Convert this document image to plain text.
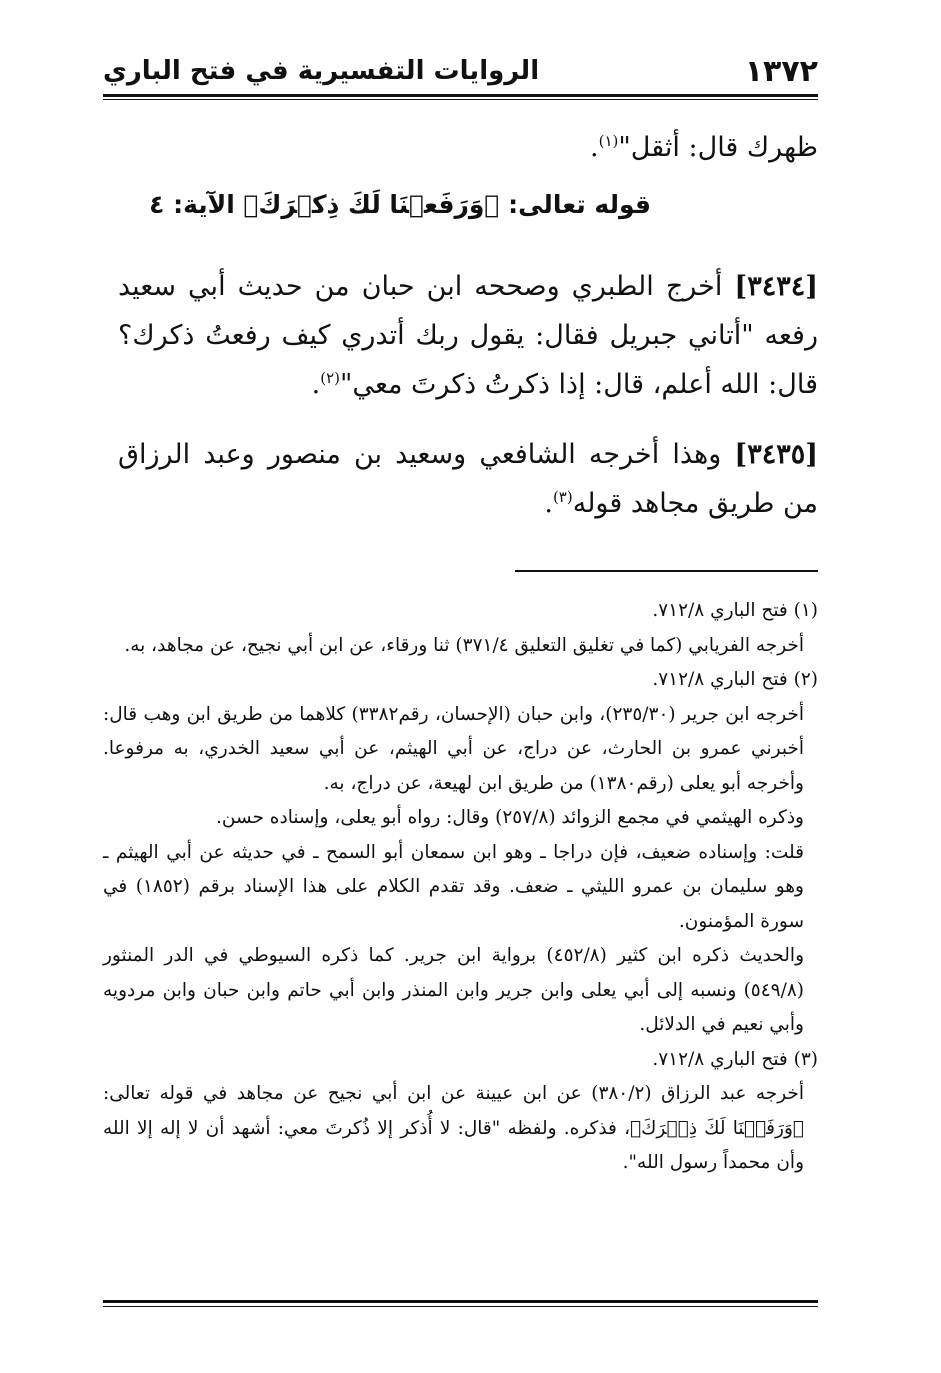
١٣٧٢
الروايات التفسيرية في فتح الباري

ظهرك قال: أثقل"$^{(١)}$.

قوله تعالى: ﴿وَرَفَعۡنَا لَكَ ذِكۡرَكَ﴾ الآية: ٤

[٣٤٣٤] أخرج الطبري وصححه ابن حبان من حديث أبي سعيد رفعه "أتاني جبريل فقال: يقول ربك أتدري كيف رفعتُ ذكرك؟ قال: الله أعلم، قال: إذا ذكرتُ ذكرتَ معي"$^{(٢)}$.

[٣٤٣٥] وهذا أخرجه الشافعي وسعيد بن منصور وعبد الرزاق من طريق مجاهد قوله$^{(٣)}$.

(١) فتح الباري ٧١٢/٨.

أخرجه الفريابي (كما في تغليق التعليق ٣٧١/٤) ثنا ورقاء، عن ابن أبي نجيح، عن مجاهد، به.

(٢) فتح الباري ٧١٢/٨.

أخرجه ابن جرير (٢٣٥/٣٠)، وابن حبان (الإحسان، رقم٣٣٨٢) كلاهما من طريق ابن وهب قال: أخبرني عمرو بن الحارث، عن دراج، عن أبي الهيثم، عن أبي سعيد الخدري، به مرفوعا. وأخرجه أبو يعلى (رقم١٣٨٠) من طريق ابن لهيعة، عن دراج، به.

وذكره الهيثمي في مجمع الزوائد (٢٥٧/٨) وقال: رواه أبو يعلى، وإسناده حسن.

قلت: وإسناده ضعيف، فإن دراجا ـ وهو ابن سمعان أبو السمح ـ في حديثه عن أبي الهيثم ـ وهو سليمان بن عمرو الليثي ـ ضعف. وقد تقدم الكلام على هذا الإسناد برقم (١٨٥٢) في سورة المؤمنون.

والحديث ذكره ابن كثير (٤٥٢/٨) برواية ابن جرير. كما ذكره السيوطي في الدر المنثور (٥٤٩/٨) ونسبه إلى أبي يعلى وابن جرير وابن المنذر وابن أبي حاتم وابن حبان وابن مردويه وأبي نعيم في الدلائل.

(٣) فتح الباري ٧١٢/٨.

أخرجه عبد الرزاق (٣٨٠/٢) عن ابن عيينة عن ابن أبي نجيح عن مجاهد في قوله تعالى: ﴿وَرَفَعۡنَا لَكَ ذِكۡرَكَ﴾، فذكره. ولفظه "قال: لا أُذكر إلا ذُكرتَ معي: أشهد أن لا إله إلا الله وأن محمداً رسول الله".
